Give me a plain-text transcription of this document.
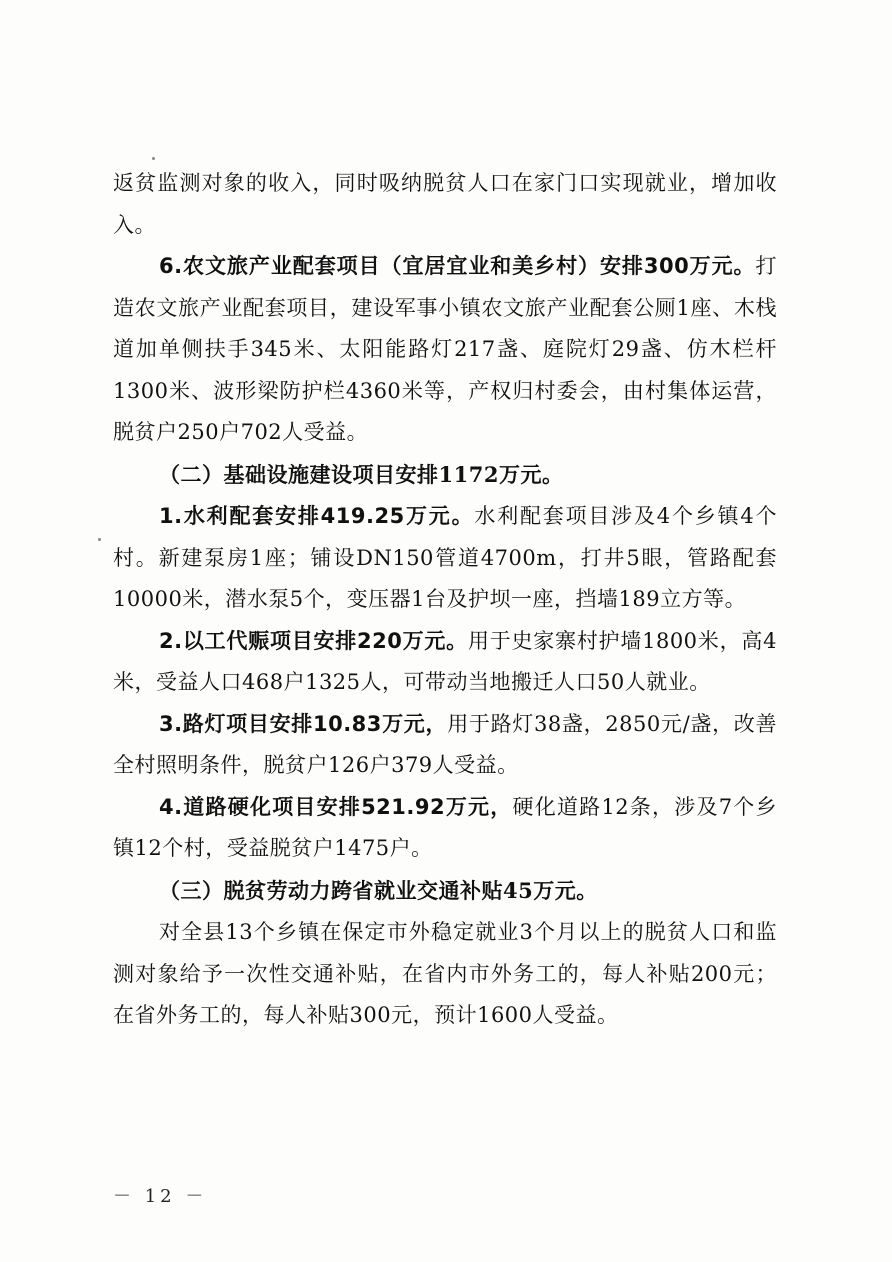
返贫监测对象的收入，同时吸纳脱贫人口在家门口实现就业，增加收入。

6.农文旅产业配套项目（宜居宜业和美乡村）安排300万元。打造农文旅产业配套项目，建设军事小镇农文旅产业配套公厕1座、木栈道加单侧扶手345米、太阳能路灯217盏、庭院灯29盏、仿木栏杆1300米、波形梁防护栏4360米等，产权归村委会，由村集体运营，脱贫户250户702人受益。

（二）基础设施建设项目安排1172万元。

1.水利配套安排419.25万元。水利配套项目涉及4个乡镇4个村。新建泵房1座；铺设DN150管道4700m，打井5眼，管路配套10000米，潜水泵5个，变压器1台及护坝一座，挡墙189立方等。

2.以工代赈项目安排220万元。用于史家寨村护墙1800米，高4米，受益人口468户1325人，可带动当地搬迁人口50人就业。

3.路灯项目安排10.83万元，用于路灯38盏，2850元/盏，改善全村照明条件，脱贫户126户379人受益。

4.道路硬化项目安排521.92万元，硬化道路12条，涉及7个乡镇12个村，受益脱贫户1475户。

（三）脱贫劳动力跨省就业交通补贴45万元。

对全县13个乡镇在保定市外稳定就业3个月以上的脱贫人口和监测对象给予一次性交通补贴，在省内市外务工的，每人补贴200元；在省外务工的，每人补贴300元，预计1600人受益。

－ 12 －
